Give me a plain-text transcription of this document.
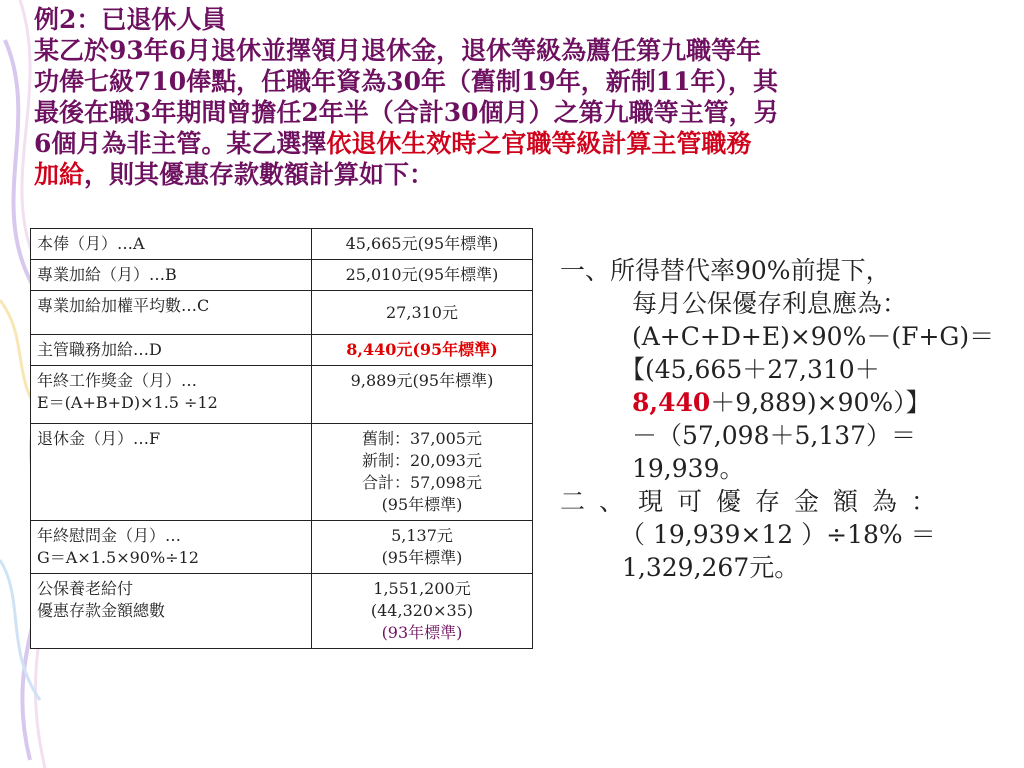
例2：已退休人員
某乙於93年6月退休並擇領月退休金，退休等級為薦任第九職等年
功俸七級710俸點，任職年資為30年（舊制19年，新制11年），其
最後在職3年期間曾擔任2年半（合計30個月）之第九職等主管，另
6個月為非主管。某乙選擇依退休生效時之官職等級計算主管職務
加給，則其優惠存款數額計算如下：
本俸（月）…A	45,665元(95年標準)
專業加給（月）…B	25,010元(95年標準)
專業加給加權平均數…C	27,310元
主管職務加給…D	8,440元(95年標準)

年終工作獎金（月）…
E＝(A+B+D)×1.5 ÷12	9,889元(95年標準)
退休金（月）…F	舊制：37,005元
新制：20,093元
合計：57,098元
(95年標準)

年終慰問金（月）…
G＝A×1.5×90%÷12	5,137元
(95年標準)

公保養老給付
優惠存款金額總數	1,551,200元
(44,320×35)
(93年標準)
一、所得替代率90%前提下，
每月公保優存利息應為：
(A+C+D+E)×90%－(F+G)＝
【(45,665＋27,310＋
8,440＋9,889)×90%）】
－（57,098＋5,137）＝
19,939。
二、現可優存金額為：
（ 19,939×12 ）÷18% ＝
1,329,267元。
